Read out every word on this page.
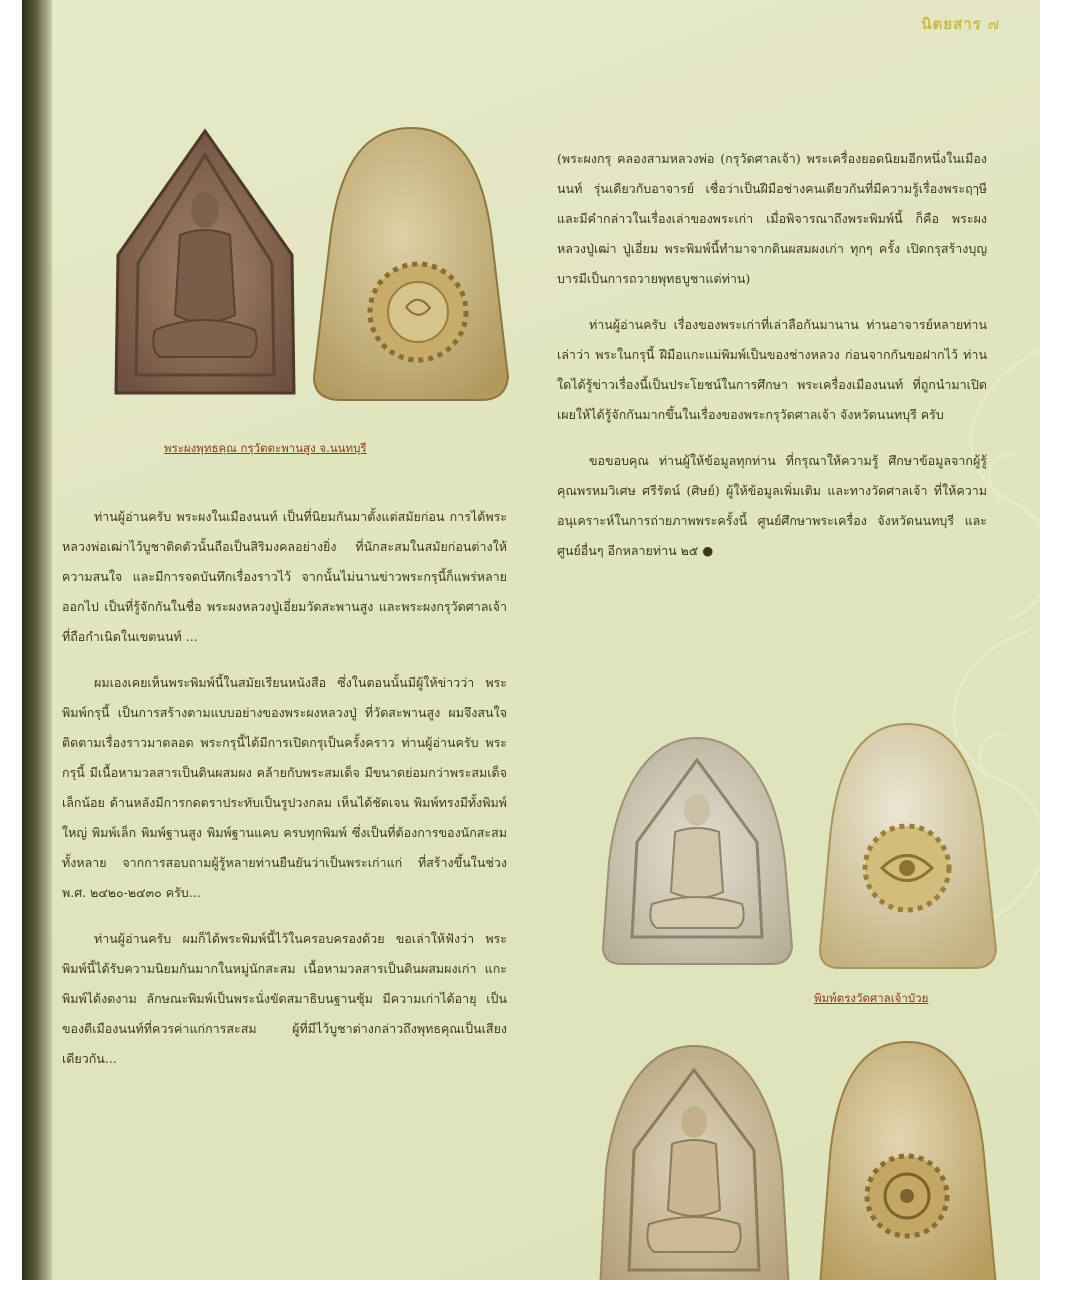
นิตยสาร ๗
พระผงพุทธคุณ กรุวัดตะพานสูง จ.นนทบุรี
พิมพ์ตรงวัดศาลเจ้าบัวย

(พระผงกรุ คลองสามหลวงพ่อ (กรุวัดศาลเจ้า) พระเครื่องยอดนิยมอีกหนึ่งในเมืองนนท์ รุ่นเดียวกับอาจารย์ เชื่อว่าเป็นฝีมือช่างคนเดียวกันที่มีความรู้เรื่องพระฤๅษี และมีคำกล่าวในเรื่องเล่าของพระเก่า เมื่อพิจารณาถึงพระพิมพ์นี้ ก็คือ พระผงหลวงปู่เฒ่า ปู่เอี่ยม พระพิมพ์นี้ทำมาจากดินผสมผงเก่า ทุกๆ ครั้ง เปิดกรุสร้างบุญบารมีเป็นการถวายพุทธบูชาแด่ท่าน)

ท่านผู้อ่านครับ เรื่องของพระเก่าที่เล่าลือกันมานาน ท่านอาจารย์หลายท่านเล่าว่า พระในกรุนี้ ฝีมือแกะแม่พิมพ์เป็นของช่างหลวง ก่อนจากกันขอฝากไว้ ท่านใดได้รู้ข่าวเรื่องนี้เป็นประโยชน์ในการศึกษา พระเครื่องเมืองนนท์ ที่ถูกนำมาเปิดเผยให้ได้รู้จักกันมากขึ้นในเรื่องของพระกรุวัดศาลเจ้า จังหวัดนนทบุรี ครับ

ขอขอบคุณ ท่านผู้ให้ข้อมูลทุกท่าน ที่กรุณาให้ความรู้ ศึกษาข้อมูลจากผู้รู้ คุณพรหมวิเศษ ศรีรัตน์ (ศิษย์) ผู้ให้ข้อมูลเพิ่มเติม และทางวัดศาลเจ้า ที่ให้ความอนุเคราะห์ในการถ่ายภาพพระครั้งนี้ ศูนย์ศึกษาพระเครื่อง จังหวัดนนทบุรี และศูนย์อื่นๆ อีกหลายท่าน ๒๕ ●

ท่านผู้อ่านครับ พระผงในเมืองนนท์ เป็นที่นิยมกันมาตั้งแต่สมัยก่อน การได้พระหลวงพ่อเฒ่าไว้บูชาติดตัวนั้นถือเป็นสิริมงคลอย่างยิ่ง ที่นักสะสมในสมัยก่อนต่างให้ความสนใจ และมีการจดบันทึกเรื่องราวไว้ จากนั้นไม่นานข่าวพระกรุนี้ก็แพร่หลายออกไป เป็นที่รู้จักกันในชื่อ พระผงหลวงปู่เอี่ยมวัดสะพานสูง และพระผงกรุวัดศาลเจ้า ที่ถือกำเนิดในเขตนนท์ ...

ผมเองเคยเห็นพระพิมพ์นี้ในสมัยเรียนหนังสือ ซึ่งในตอนนั้นมีผู้ให้ข่าวว่า พระพิมพ์กรุนี้ เป็นการสร้างตามแบบอย่างของพระผงหลวงปู่ ที่วัดสะพานสูง ผมจึงสนใจติดตามเรื่องราวมาตลอด พระกรุนี้ได้มีการเปิดกรุเป็นครั้งคราว ท่านผู้อ่านครับ พระกรุนี้ มีเนื้อหามวลสารเป็นดินผสมผง คล้ายกับพระสมเด็จ มีขนาดย่อมกว่าพระสมเด็จเล็กน้อย ด้านหลังมีการกดตราประทับเป็นรูปวงกลม เห็นได้ชัดเจน พิมพ์ทรงมีทั้งพิมพ์ใหญ่ พิมพ์เล็ก พิมพ์ฐานสูง พิมพ์ฐานแคบ ครบทุกพิมพ์ ซึ่งเป็นที่ต้องการของนักสะสมทั้งหลาย จากการสอบถามผู้รู้หลายท่านยืนยันว่าเป็นพระเก่าแก่ ที่สร้างขึ้นในช่วง พ.ศ. ๒๔๒๐-๒๔๓๐ ครับ...

ท่านผู้อ่านครับ ผมก็ได้พระพิมพ์นี้ไว้ในครอบครองด้วย ขอเล่าให้ฟังว่า พระพิมพ์นี้ได้รับความนิยมกันมากในหมู่นักสะสม เนื้อหามวลสารเป็นดินผสมผงเก่า แกะพิมพ์ได้งดงาม ลักษณะพิมพ์เป็นพระนั่งขัดสมาธิบนฐานซุ้ม มีความเก่าได้อายุ เป็นของดีเมืองนนท์ที่ควรค่าแก่การสะสม ผู้ที่มีไว้บูชาต่างกล่าวถึงพุทธคุณเป็นเสียงเดียวกัน...
